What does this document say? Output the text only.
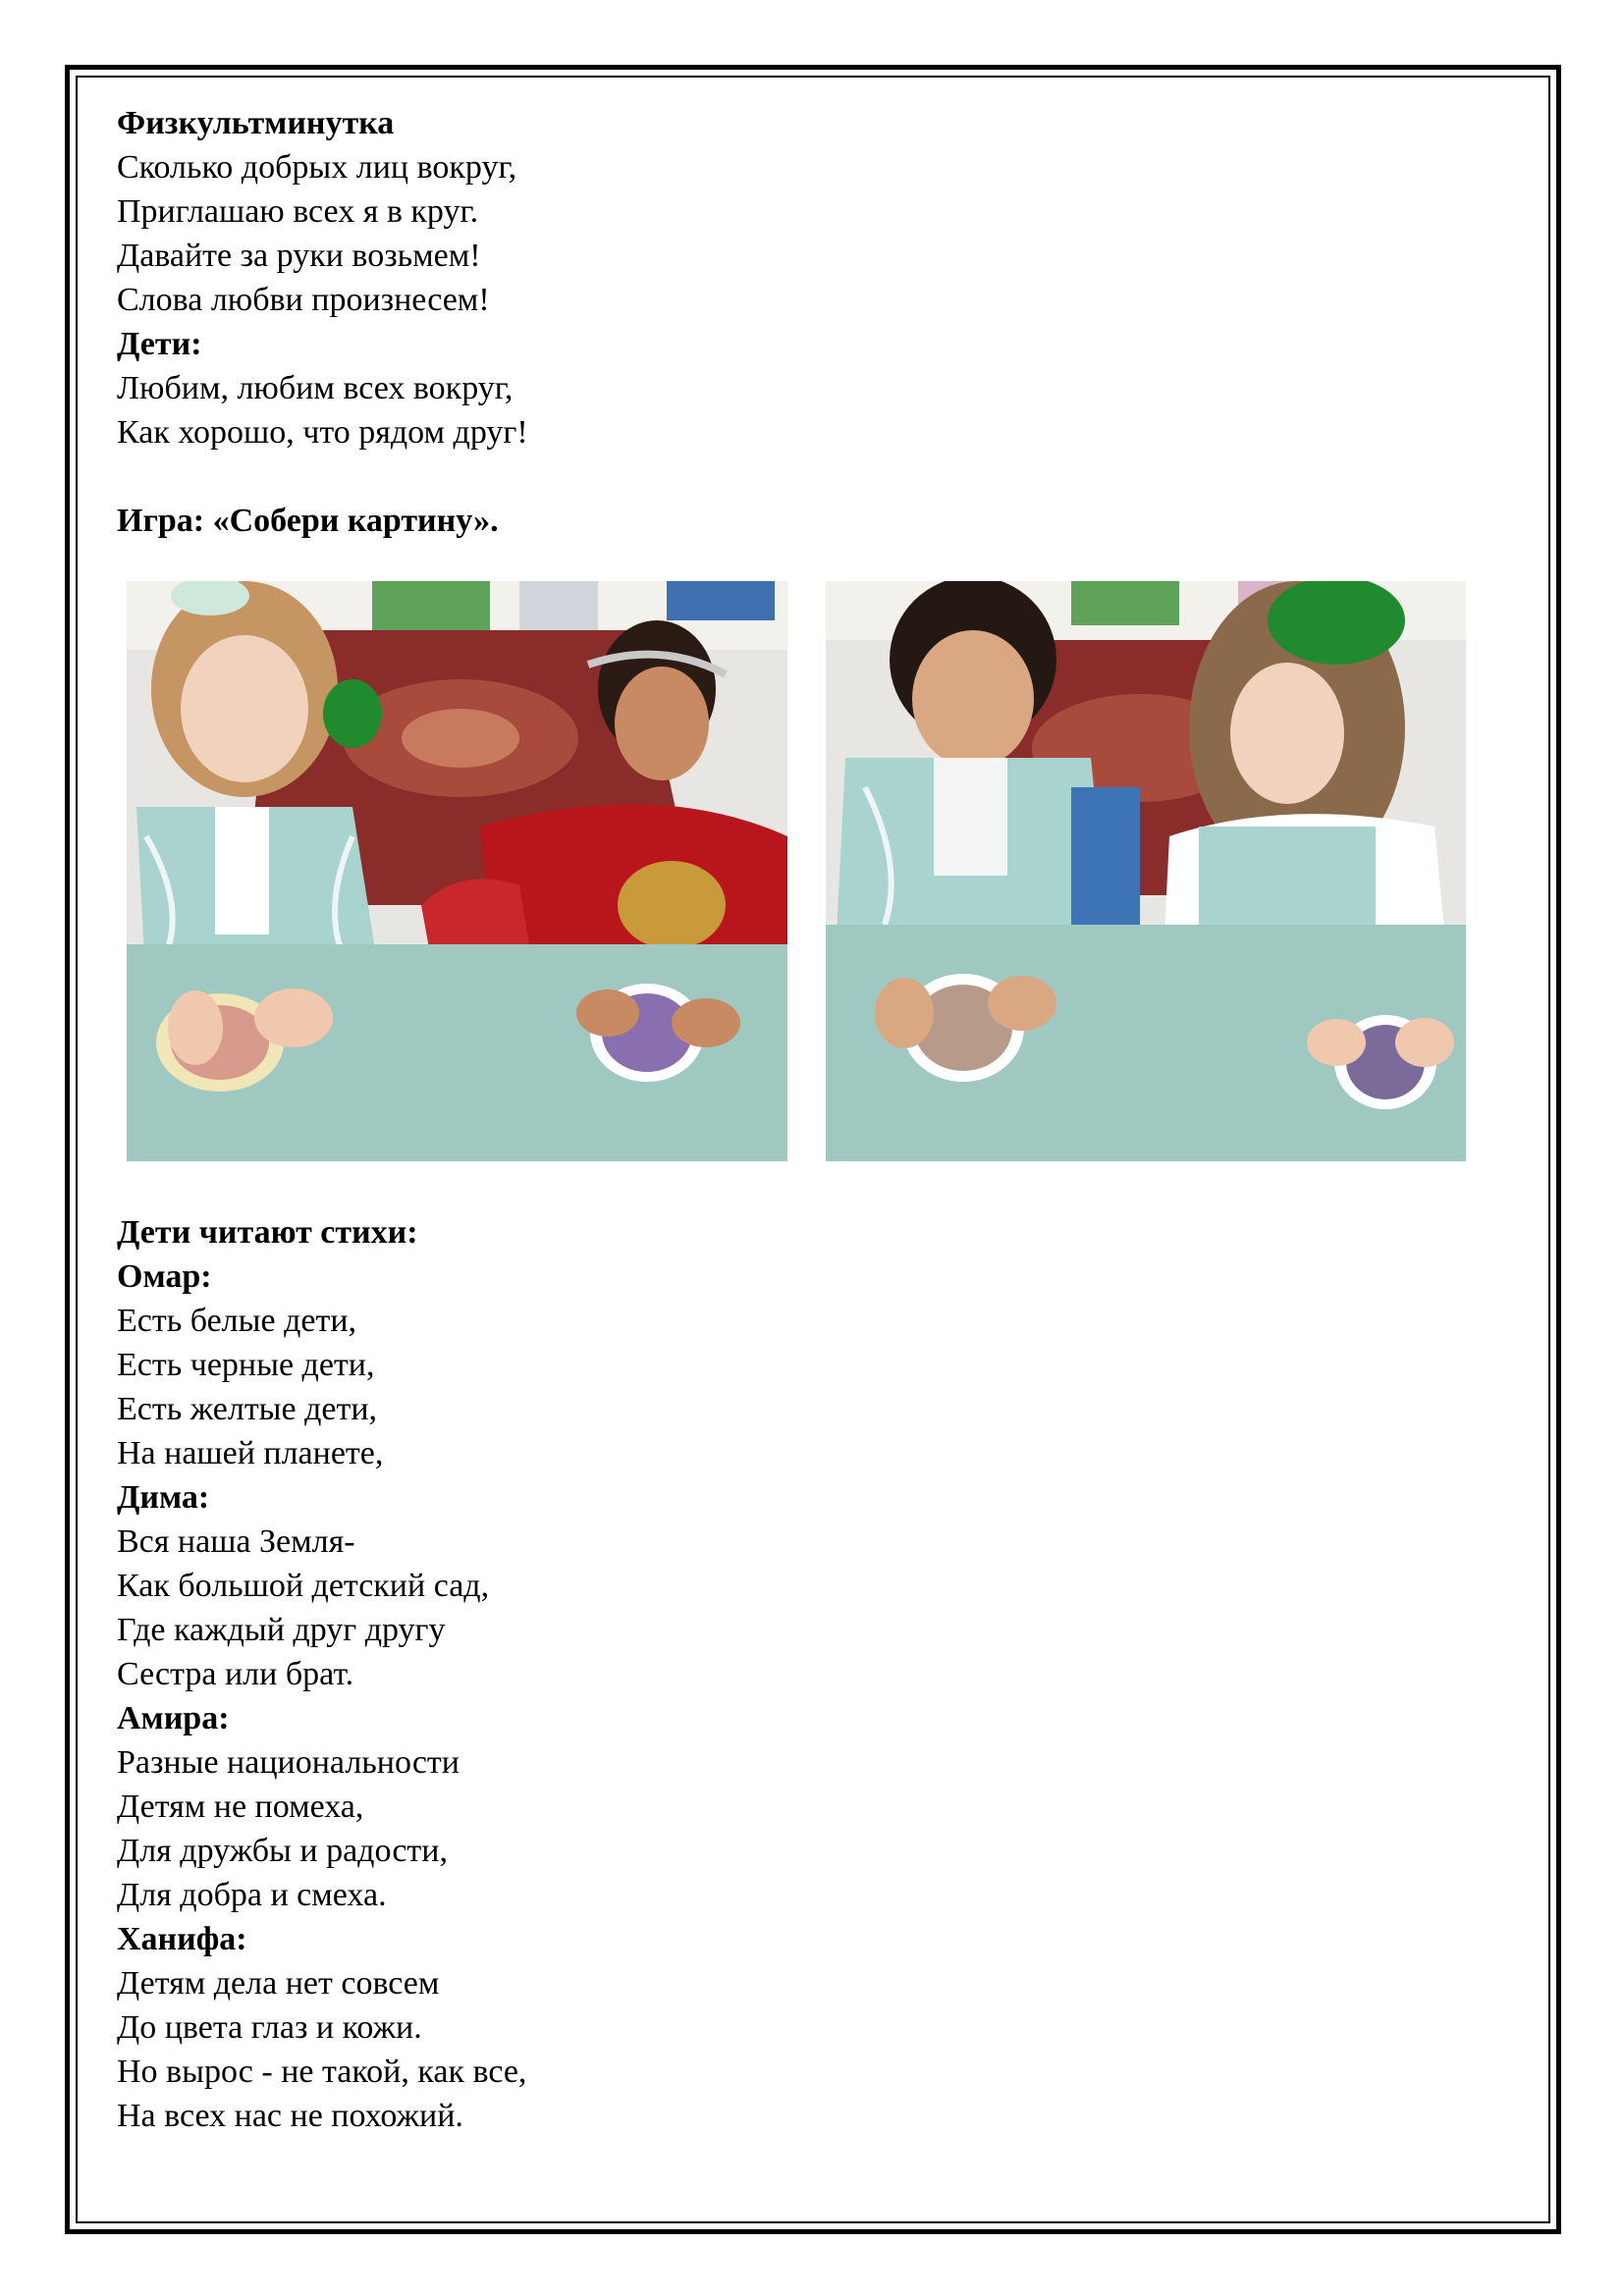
Физкультминутка
Сколько добрых лиц вокруг,
Приглашаю всех я в круг.
Давайте за руки возьмем!
Слова любви произнесем!
Дети:
Любим, любим всех вокруг,
Как хорошо, что рядом друг!
Игра: «Собери картину».
Дети читают стихи:
Омар:
Есть белые дети,
Есть черные дети,
Есть желтые дети,
На нашей планете,
Дима:
Вся наша Земля-
Как большой детский сад,
Где каждый друг другу
Сестра или брат.
Амира:
Разные национальности
Детям не помеха,
Для дружбы и радости,
Для добра и смеха.
Ханифа:
Детям дела нет совсем
До цвета глаз и кожи.
Но вырос - не такой, как все,
На всех нас не похожий.
